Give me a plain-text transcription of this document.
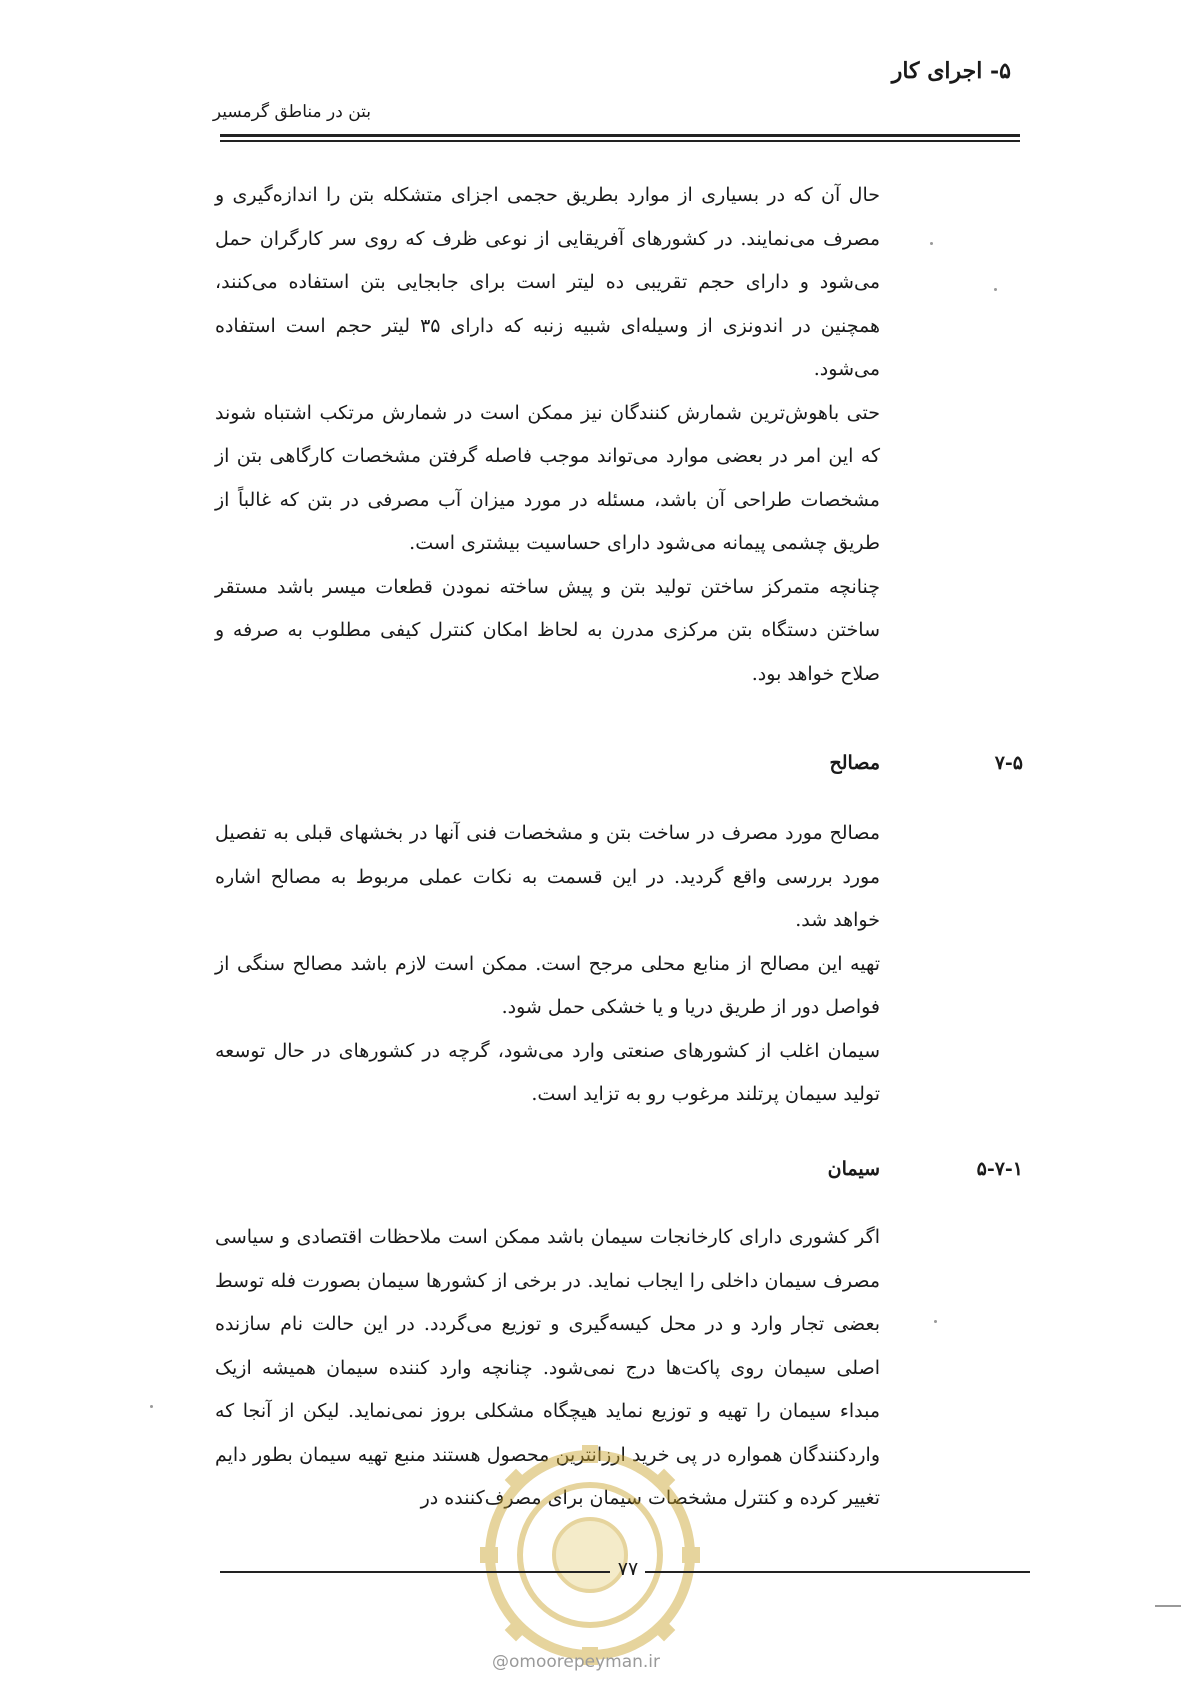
۵- اجرای کار
بتن در مناطق گرمسیر

حال آن که در بسیاری از موارد بطریق حجمی اجزای متشکله بتن را اندازه‌گیری و مصرف می‌نمایند. در کشورهای آفریقایی از نوعی ظرف که روی سر کارگران حمل می‌شود و دارای حجم تقریبی ده لیتر است برای جابجایی بتن استفاده می‌کنند، همچنین در اندونزی از وسیله‌ای شبیه زنبه که دارای ۳۵ لیتر حجم است استفاده می‌شود.

حتی باهوش‌ترین شمارش کنندگان نیز ممکن است در شمارش مرتکب اشتباه شوند که این امر در بعضی موارد می‌تواند موجب فاصله گرفتن مشخصات کارگاهی بتن از مشخصات طراحی آن باشد، مسئله در مورد میزان آب مصرفی در بتن که غالباً از طریق چشمی پیمانه می‌شود دارای حساسیت بیشتری است.

چنانچه متمرکز ساختن تولید بتن و پیش ساخته نمودن قطعات میسر باشد مستقر ساختن دستگاه بتن مرکزی مدرن به لحاظ امکان کنترل کیفی مطلوب به صرفه و صلاح خواهد بود.

۷-۵
مصالح

مصالح مورد مصرف در ساخت بتن و مشخصات فنی آنها در بخشهای قبلی به تفصیل مورد بررسی واقع گردید. در این قسمت به نکات عملی مربوط به مصالح اشاره خواهد شد.

تهیه این مصالح از منابع محلی مرجح است. ممکن است لازم باشد مصالح سنگی از فواصل دور از طریق دریا و یا خشکی حمل شود.

سیمان اغلب از کشورهای صنعتی وارد می‌شود، گرچه در کشورهای در حال توسعه تولید سیمان پرتلند مرغوب رو به تزاید است.

۵-۷-۱
سیمان

اگر کشوری دارای کارخانجات سیمان باشد ممکن است ملاحظات اقتصادی و سیاسی مصرف سیمان داخلی را ایجاب نماید. در برخی از کشورها سیمان بصورت فله توسط بعضی تجار وارد و در محل کیسه‌گیری و توزیع می‌گردد. در این حالت نام سازنده اصلی سیمان روی پاکت‌ها درج نمی‌شود. چنانچه وارد کننده سیمان همیشه ازیک مبداء سیمان را تهیه و توزیع نماید هیچگاه مشکلی بروز نمی‌نماید. لیکن از آنجا که واردکنندگان همواره در پی خرید ارزانترین محصول هستند منبع تهیه سیمان بطور دایم تغییر کرده و کنترل مشخصات سیمان برای مصرف‌کننده در

۷۷
@omoorepeyman.ir
